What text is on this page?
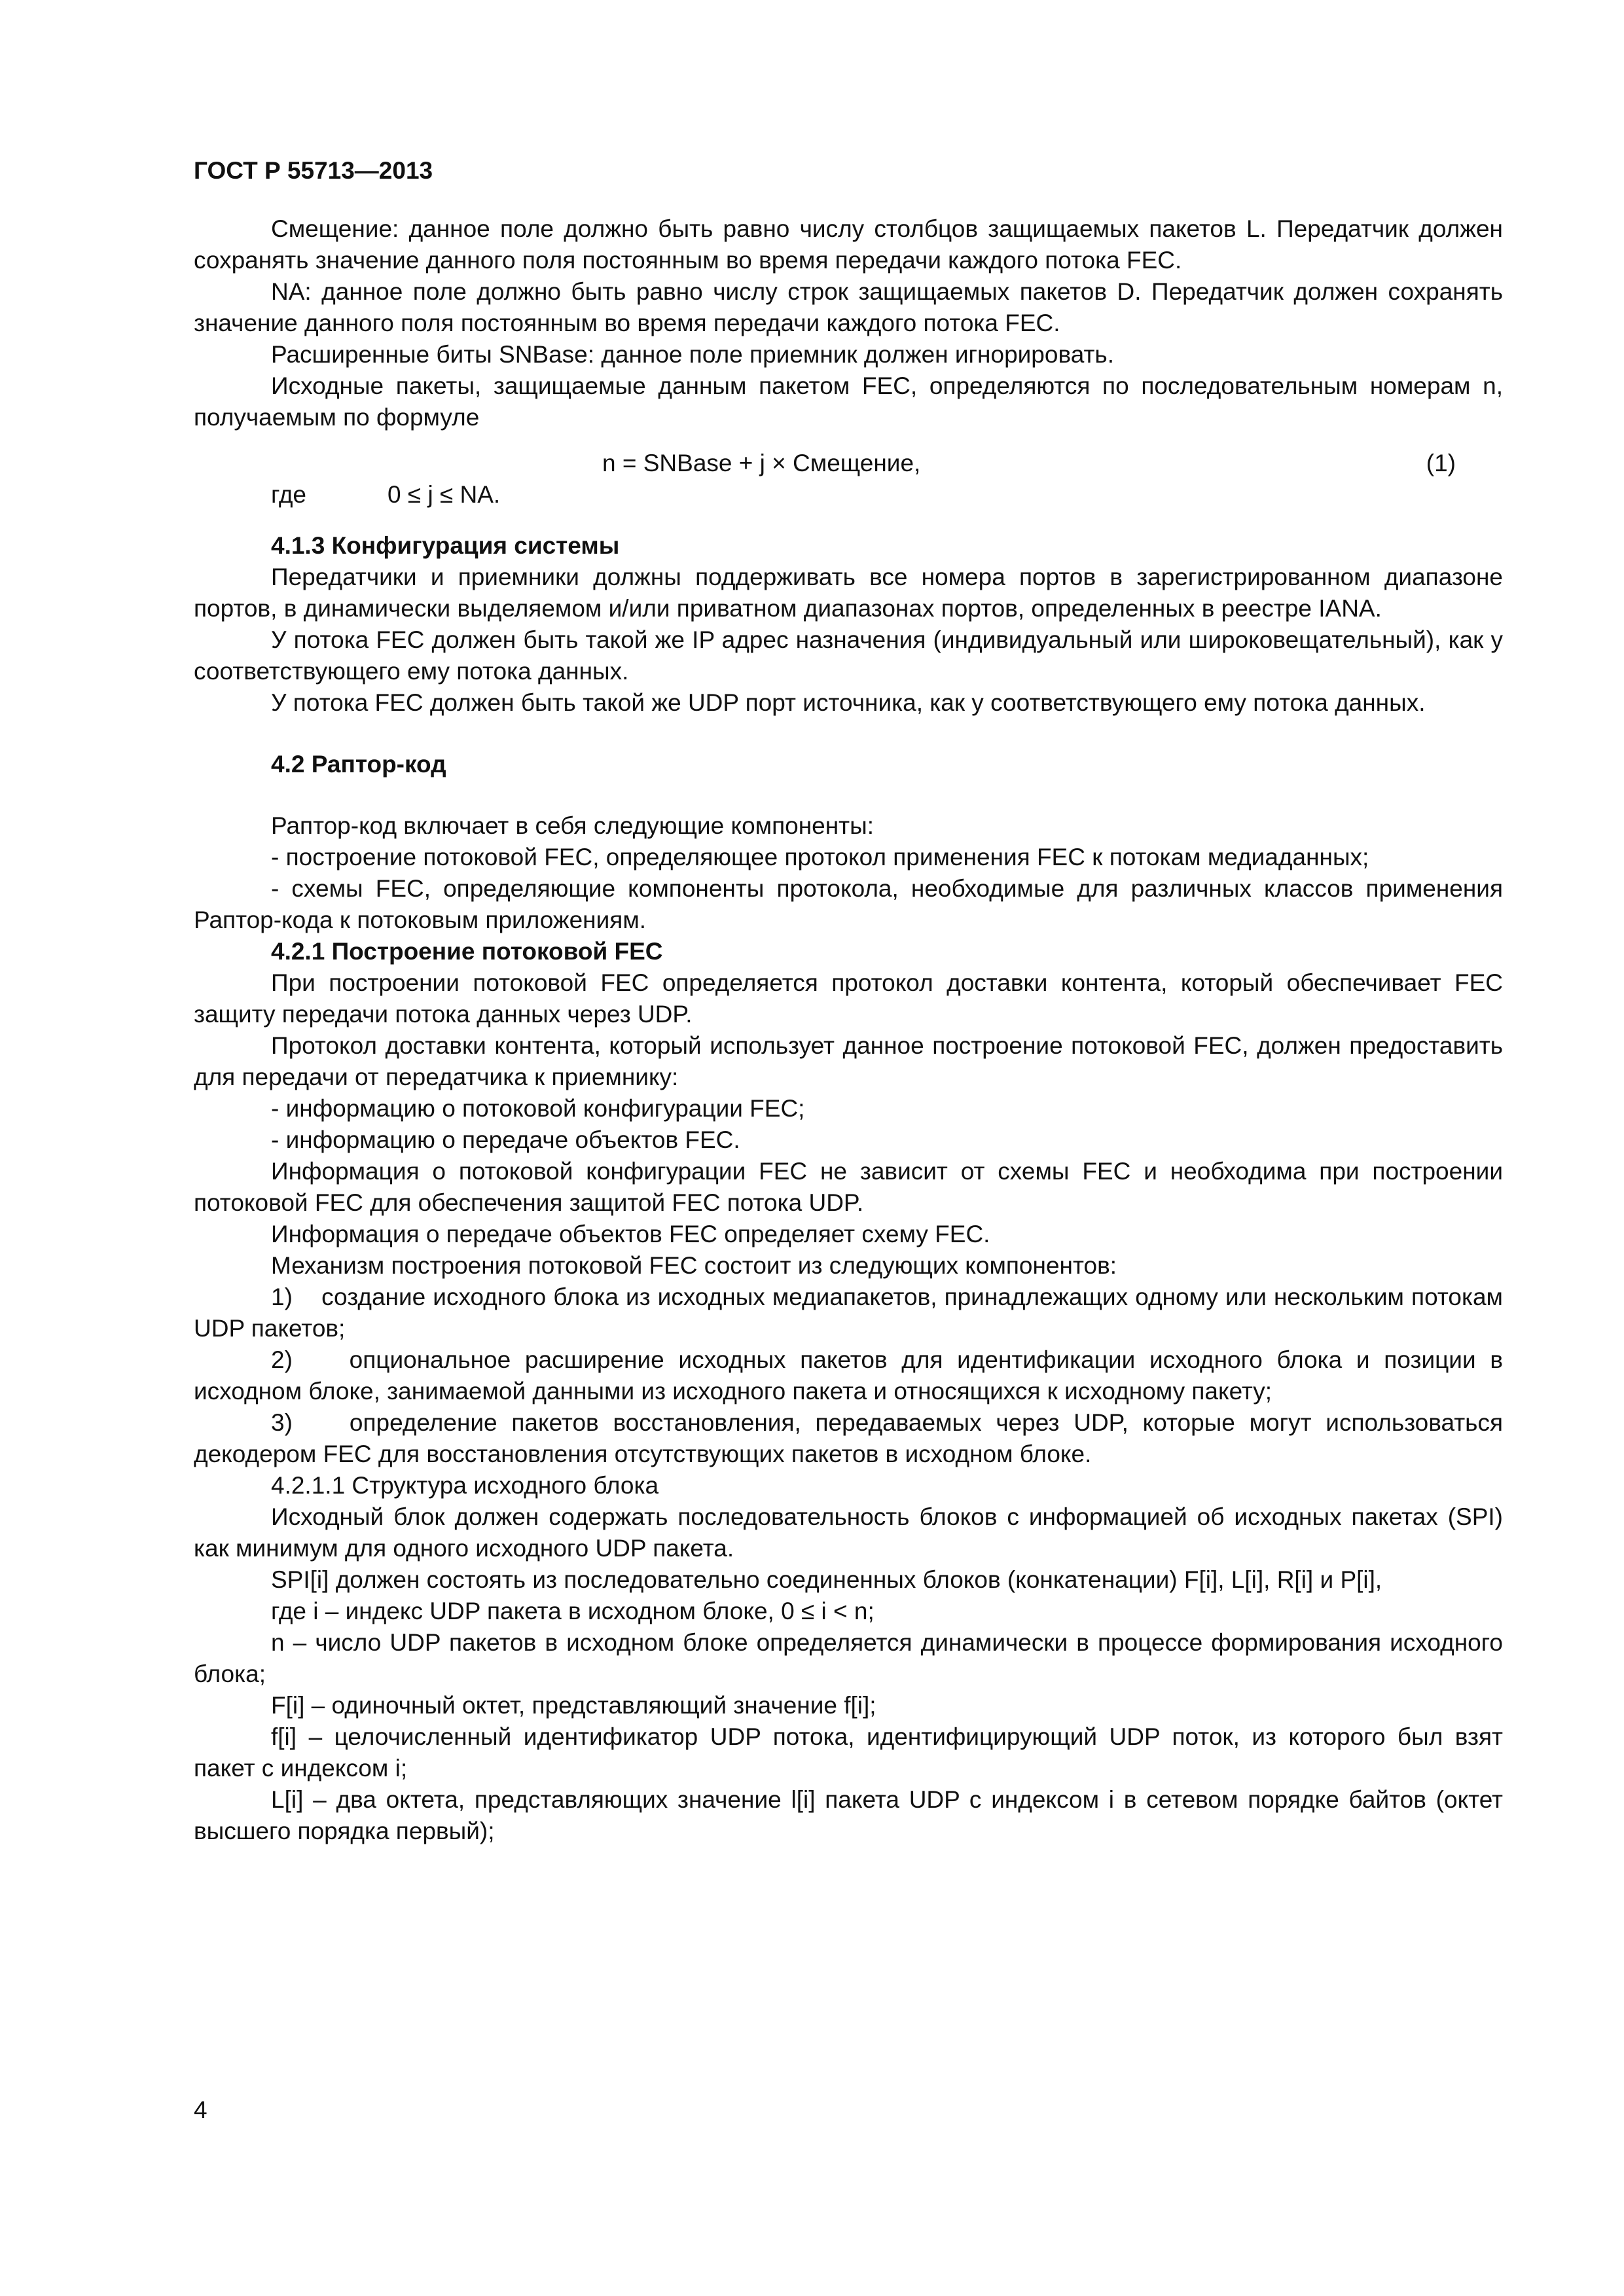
ГОСТ Р 55713—2013

Смещение: данное поле должно быть равно числу столбцов защищаемых пакетов L. Передатчик должен сохранять значение данного поля постоянным во время передачи каждого потока FEC.

NA: данное поле должно быть равно числу строк защищаемых пакетов D. Передатчик должен сохранять значение данного поля постоянным во время передачи каждого потока FEC.

Расширенные биты SNBase: данное поле приемник должен игнорировать.

Исходные пакеты, защищаемые данным пакетом FEC, определяются по последовательным номерам n, получаемым по формуле

n = SNBase + j × Смещение,	(1)
где	0 ≤ j ≤ NA.

4.1.3 Конфигурация системы

Передатчики и приемники должны поддерживать все номера портов в зарегистрированном диапазоне портов, в динамически выделяемом и/или приватном диапазонах портов, определенных в реестре IANA.

У потока FEC должен быть такой же IP адрес назначения (индивидуальный или широковещательный), как у соответствующего ему потока данных.

У потока FEC должен быть такой же UDP порт источника, как у соответствующего ему потока данных.

4.2 Раптор-код

Раптор-код включает в себя следующие компоненты:

- построение потоковой FEC, определяющее протокол применения FEC к потокам медиаданных;

- схемы FEC, определяющие компоненты протокола, необходимые для различных классов применения Раптор-кода к потоковым приложениям.

4.2.1 Построение потоковой FEC

При построении потоковой FEC определяется протокол доставки контента, который обеспечивает FEC защиту передачи потока данных через UDP.

Протокол доставки контента, который использует данное построение потоковой FEC, должен предоставить для передачи от передатчика к приемнику:

- информацию о потоковой конфигурации FEC;

- информацию о передаче объектов FEC.

Информация о потоковой конфигурации FEC не зависит от схемы FEC и необходима при построении потоковой FEC для обеспечения защитой FEC потока UDP.

Информация о передаче объектов FEC определяет схему FEC.

Механизм построения потоковой FEC состоит из следующих компонентов:

1)    создание исходного блока из исходных медиапакетов, принадлежащих одному или нескольким потокам UDP пакетов;

2)    опциональное расширение исходных пакетов для идентификации исходного блока и позиции в исходном блоке, занимаемой данными из исходного пакета и относящихся к исходному пакету;

3)    определение пакетов восстановления, передаваемых через UDP, которые могут использоваться декодером FEC для восстановления отсутствующих пакетов в исходном блоке.

4.2.1.1 Структура исходного блока

Исходный блок должен содержать последовательность блоков с информацией об исходных пакетах (SPI) как минимум для одного исходного UDP пакета.

SPI[i] должен состоять из последовательно соединенных блоков (конкатенации) F[i], L[i], R[i] и P[i],

где i – индекс UDP пакета в исходном блоке, 0 ≤ i < n;

n – число UDP пакетов в исходном блоке определяется динамически в процессе формирования исходного блока;

F[i] – одиночный октет, представляющий значение f[i];

f[i] – целочисленный идентификатор UDP потока, идентифицирующий UDP поток, из которого был взят пакет с индексом i;

L[i] – два октета, представляющих значение l[i] пакета UDP с индексом i в сетевом порядке байтов (октет высшего порядка первый);

4
